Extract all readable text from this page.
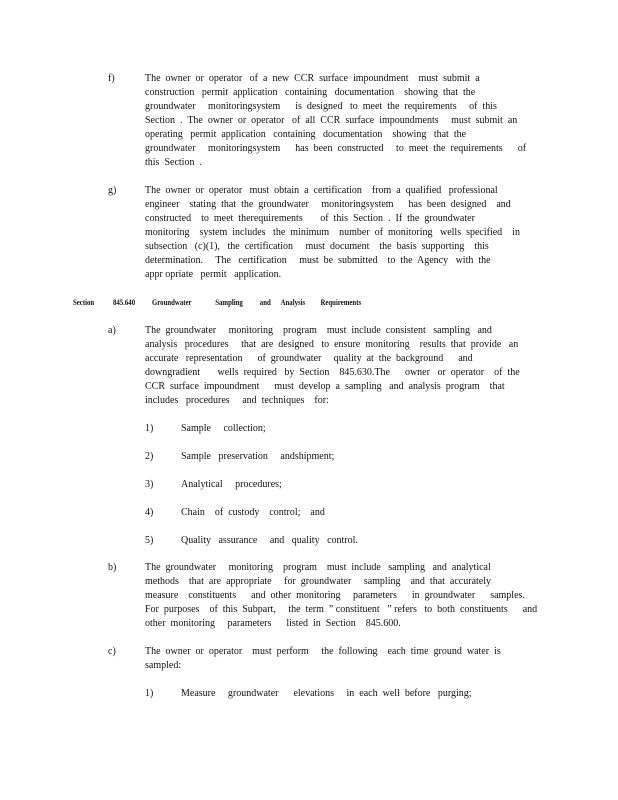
f)	The  owner  or  operator   of  a  new  CCR  surface  impoundment    must  submit  a
construction   permit  application   containing   documentation    showing  that  the
groundwater     monitoringsystem      is  designed   to  meet  the  requirements     of  this
Section  .  The  owner  or  operator   of  all  CCR  surface  impoundments     must  submit  an
operating   permit  application   containing   documentation    showing   that  the
groundwater     monitoringsystem      has  been  constructed     to  meet  the  requirements      of
this  Section  .
g)	The  owner  or  operator   must  obtain  a  certification    from  a  qualified   professional
engineer    stating  that  the  groundwater     monitoringsystem      has  been  designed    and
constructed    to  meet  therequirements       of  this  Section  .  If  the  groundwater
monitoring    system  includes   the  minimum    number  of  monitoring   wells  specified    in
subsection   (c)(1),   the  certification     must  document    the  basis  supporting    this
determination.     The   certification     must  be  submitted    to  the  Agency   with  the
appr opriate   permit   application.
Section 845.640 Groundwater              Sampling          and      Analysis         Requirements
a)	The  groundwater     monitoring    program    must  include  consistent   sampling   and
analysis   procedures     that  are  designed   to  ensure  monitoring    results  that  provide   an
accurate   representation      of  groundwater     quality  at  the  background      and
downgradient       wells  required   by  Section    845.630.The      owner   or  operator    of  the
CCR  surface  impoundment      must  develop  a  sampling   and  analysis  program    that
includes   procedures     and  techniques    for:
1)	Sample     collection;
2)	Sample   preservation     andshipment;
3)	Analytical     procedures;
4)	Chain    of  custody    control;    and
5)	Quality   assurance     and   quality   control.
b)	The  groundwater     monitoring    program    must  include   sampling   and  analytical
methods    that  are  appropriate     for  groundwater     sampling    and  that  accurately
measure    constituents      and  other  monitoring     parameters      in  groundwater      samples.
For  purposes    of  this  Subpart,     the  term  ” constituent   ” refers   to  both  constituents      and
other  monitoring     parameters      listed  in  Section    845.600.
c)	The  owner  or  operator    must  perform     the  following    each  time  ground  water  is
sampled:
1)	Measure     groundwater      elevations     in  each  well  before   purging;
